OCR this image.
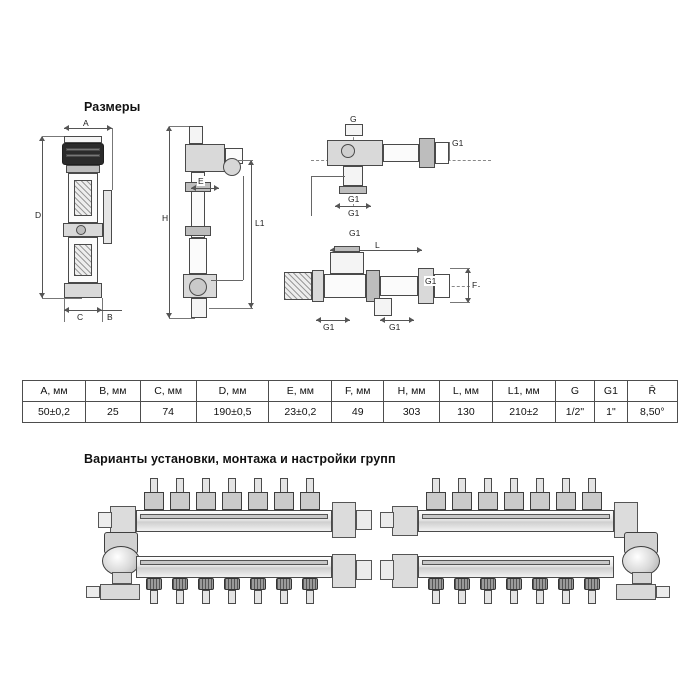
Размеры
Варианты установки, монтажа и настройки групп
D
C
A
B
H
E
L1
G
G1
G1
G1
G1
L
G1	F
G1	G1
A, мм	B, мм	C, мм	D, мм	E, мм	F, мм	H, мм	L, мм	L1, мм	G	G1	R̄
50±0,2	25	74	190±0,5	23±0,2	49	303	130	210±2	1/2"	1"	8,50°
